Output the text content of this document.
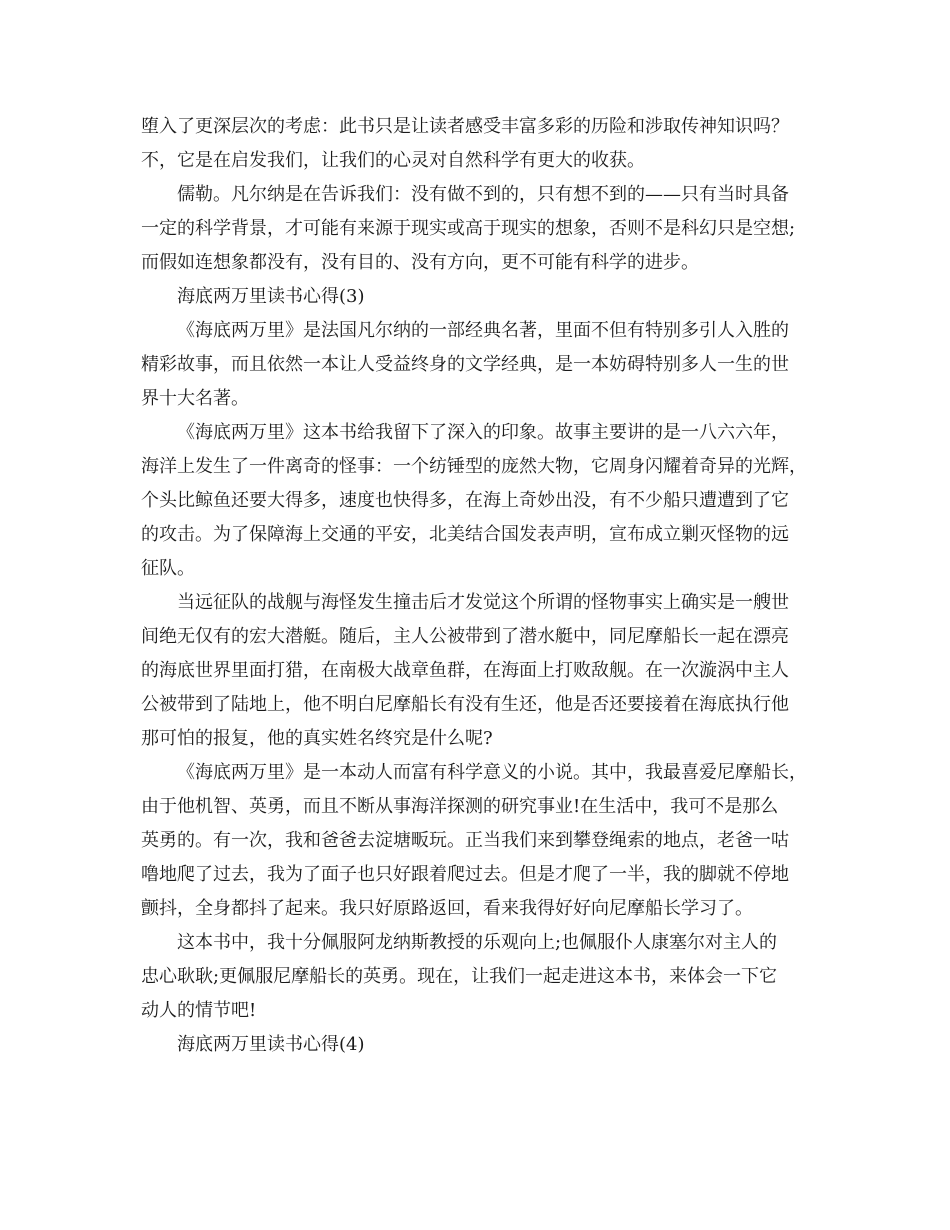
堕入了更深层次的考虑：此书只是让读者感受丰富多彩的历险和涉取传神知识吗？
不，它是在启发我们，让我们的心灵对自然科学有更大的收获。
儒勒。凡尔纳是在告诉我们：没有做不到的，只有想不到的——只有当时具备
一定的科学背景，才可能有来源于现实或高于现实的想象，否则不是科幻只是空想;
而假如连想象都没有，没有目的、没有方向，更不可能有科学的进步。
海底两万里读书心得(3)
《海底两万里》是法国凡尔纳的一部经典名著，里面不但有特别多引人入胜的
精彩故事，而且依然一本让人受益终身的文学经典，是一本妨碍特别多人一生的世
界十大名著。
《海底两万里》这本书给我留下了深入的印象。故事主要讲的是一八六六年，
海洋上发生了一件离奇的怪事：一个纺锤型的庞然大物，它周身闪耀着奇异的光辉，
个头比鲸鱼还要大得多，速度也快得多，在海上奇妙出没，有不少船只遭遭到了它
的攻击。为了保障海上交通的平安，北美结合国发表声明，宣布成立剿灭怪物的远
征队。
当远征队的战舰与海怪发生撞击后才发觉这个所谓的怪物事实上确实是一艘世
间绝无仅有的宏大潜艇。随后，主人公被带到了潜水艇中，同尼摩船长一起在漂亮
的海底世界里面打猎，在南极大战章鱼群，在海面上打败敌舰。在一次漩涡中主人
公被带到了陆地上，他不明白尼摩船长有没有生还，他是否还要接着在海底执行他
那可怕的报复，他的真实姓名终究是什么呢?
《海底两万里》是一本动人而富有科学意义的小说。其中，我最喜爱尼摩船长，
由于他机智、英勇，而且不断从事海洋探测的研究事业!在生活中，我可不是那么
英勇的。有一次，我和爸爸去淀塘畈玩。正当我们来到攀登绳索的地点，老爸一咕
噜地爬了过去，我为了面子也只好跟着爬过去。但是才爬了一半，我的脚就不停地
颤抖，全身都抖了起来。我只好原路返回，看来我得好好向尼摩船长学习了。
这本书中，我十分佩服阿龙纳斯教授的乐观向上;也佩服仆人康塞尔对主人的
忠心耿耿;更佩服尼摩船长的英勇。现在，让我们一起走进这本书，来体会一下它
动人的情节吧!
海底两万里读书心得(4)
